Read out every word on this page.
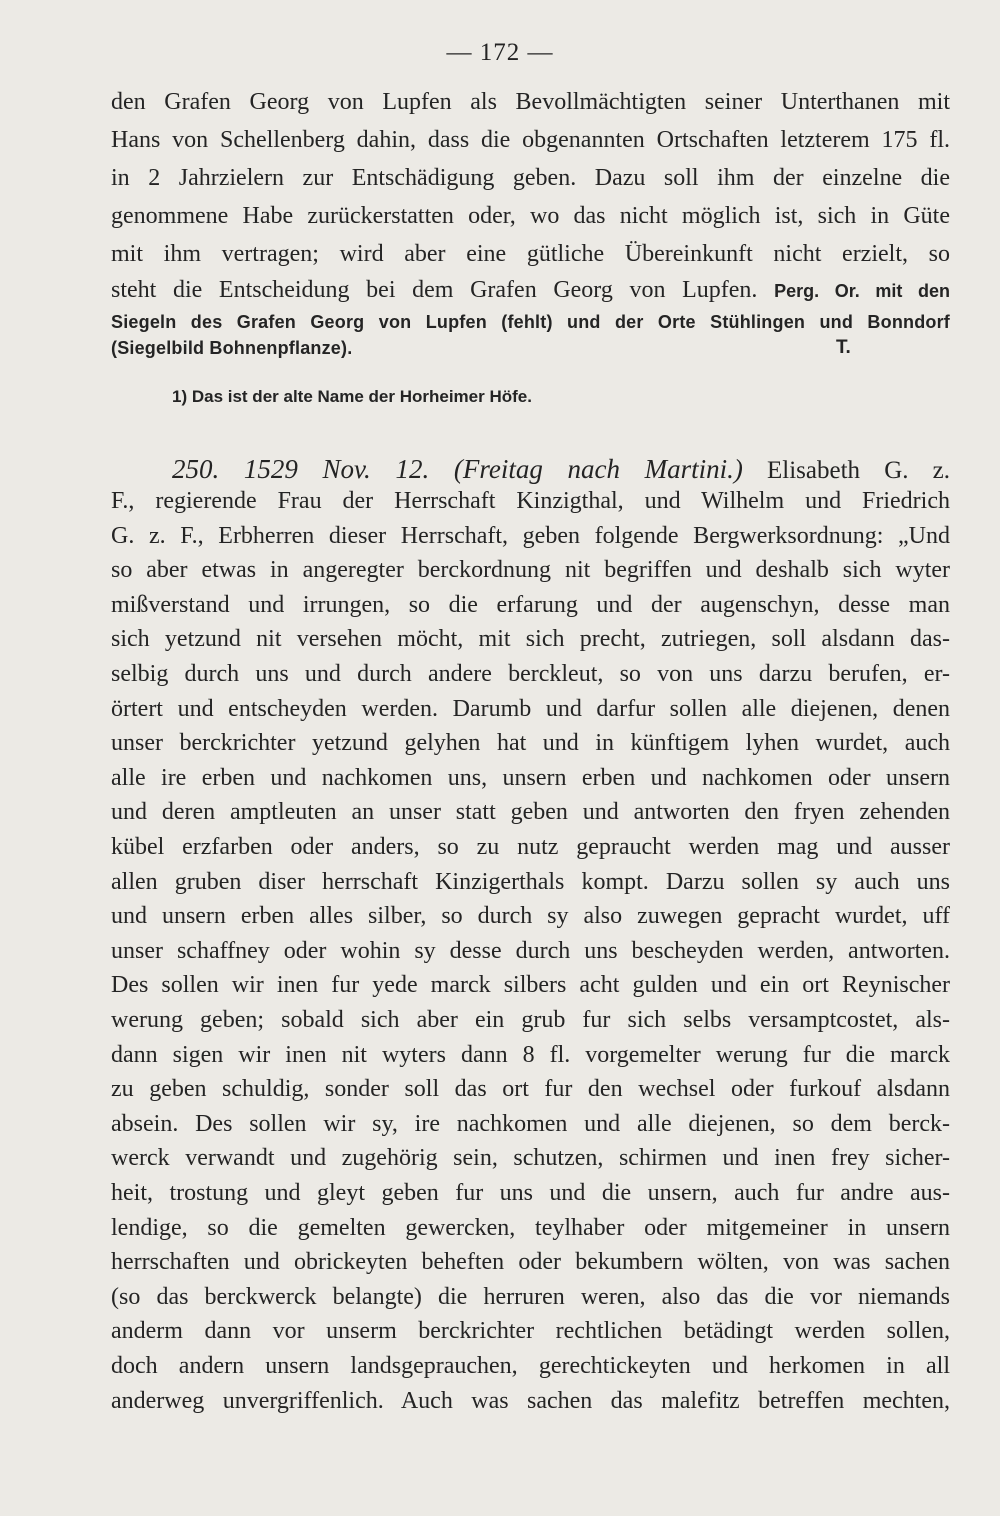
— 172 —
den Grafen Georg von Lupfen als Bevollmächtigten seiner Unterthanen mit
Hans von Schellenberg dahin, dass die obgenannten Ortschaften letzterem 175 fl.
in 2 Jahrzielern zur Entschädigung geben. Dazu soll ihm der einzelne die
genommene Habe zurückerstatten oder, wo das nicht möglich ist, sich in Güte
mit ihm vertragen; wird aber eine gütliche Übereinkunft nicht erzielt, so
steht die Entscheidung bei dem Grafen Georg von Lupfen. Perg. Or. mit den
Siegeln des Grafen Georg von Lupfen (fehlt) und der Orte Stühlingen und Bonndorf
(Siegelbild Bohnenpflanze).	T.
1) Das ist der alte Name der Horheimer Höfe.
250. 1529 Nov. 12. (Freitag nach Martini.) Elisabeth G. z.
F., regierende Frau der Herrschaft Kinzigthal, und Wilhelm und Friedrich
G. z. F., Erbherren dieser Herrschaft, geben folgende Bergwerksordnung: „Und
so aber etwas in angeregter berckordnung nit begriffen und deshalb sich wyter
mißverstand und irrungen, so die erfarung und der augenschyn, desse man
sich yetzund nit versehen möcht, mit sich precht, zutriegen, soll alsdann das-
selbig durch uns und durch andere berckleut, so von uns darzu berufen, er-
örtert und entscheyden werden. Darumb und darfur sollen alle diejenen, denen
unser berckrichter yetzund gelyhen hat und in künftigem lyhen wurdet, auch
alle ire erben und nachkomen uns, unsern erben und nachkomen oder unsern
und deren amptleuten an unser statt geben und antworten den fryen zehenden
kübel erzfarben oder anders, so zu nutz gepraucht werden mag und ausser
allen gruben diser herrschaft Kinzigerthals kompt. Darzu sollen sy auch uns
und unsern erben alles silber, so durch sy also zuwegen gepracht wurdet, uff
unser schaffney oder wohin sy desse durch uns bescheyden werden, antworten.
Des sollen wir inen fur yede marck silbers acht gulden und ein ort Reynischer
werung geben; sobald sich aber ein grub fur sich selbs versamptcostet, als-
dann sigen wir inen nit wyters dann 8 fl. vorgemelter werung fur die marck
zu geben schuldig, sonder soll das ort fur den wechsel oder furkouf alsdann
absein. Des sollen wir sy, ire nachkomen und alle diejenen, so dem berck-
werck verwandt und zugehörig sein, schutzen, schirmen und inen frey sicher-
heit, trostung und gleyt geben fur uns und die unsern, auch fur andre aus-
lendige, so die gemelten gewercken, teylhaber oder mitgemeiner in unsern
herrschaften und obrickeyten beheften oder bekumbern wölten, von was sachen
(so das berckwerck belangte) die herruren weren, also das die vor niemands
anderm dann vor unserm berckrichter rechtlichen betädingt werden sollen,
doch andern unsern landsgeprauchen, gerechtickeyten und herkomen in all
anderweg unvergriffenlich. Auch was sachen das malefitz betreffen mechten,
